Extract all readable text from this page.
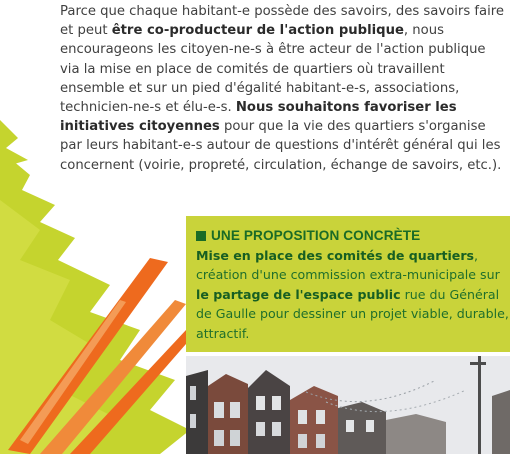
Parce que chaque habitant-e possède des savoirs, des savoirs faire et peut être co-producteur de l'action publique, nous encourageons les citoyen-ne-s à être acteur de l'action publique via la mise en place de comités de quartiers où travaillent ensemble et sur un pied d'égalité habitant-e-s, associations, technicien-ne-s et élu-e-s. Nous souhaitons favoriser les initiatives citoyennes pour que la vie des quartiers s'organise par leurs habitant-e-s autour de questions d'intérêt général qui les concernent (voirie, propreté, circulation, échange de savoirs, etc.).

UNE PROPOSITION CONCRÈTE
Mise en place des comités de quartiers, création d'une commission extra-municipale sur le partage de l'espace public rue du Général de Gaulle pour dessiner un projet viable, durable, attractif.
